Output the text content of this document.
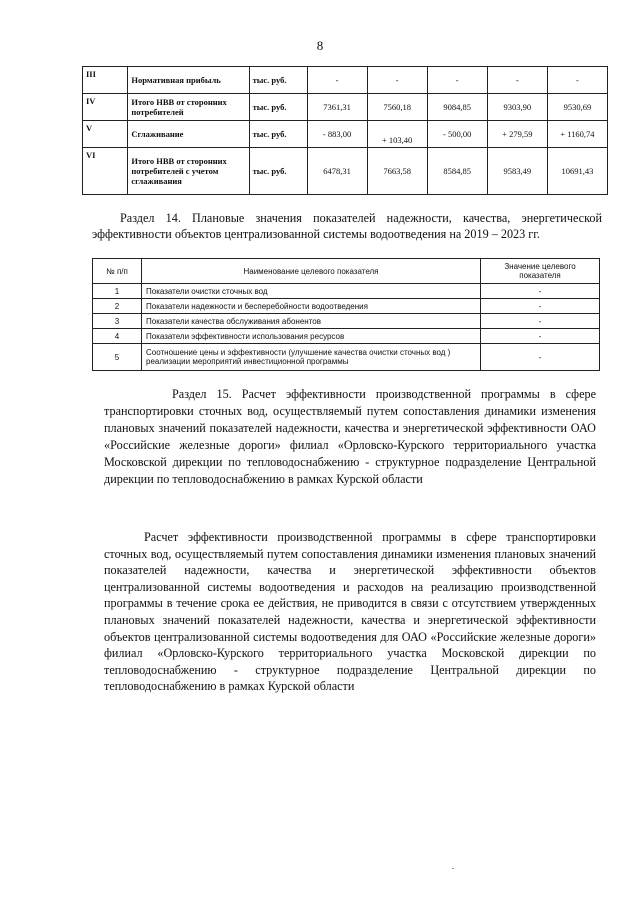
8
III	Нормативная прибыль	тыс. руб.	-	-	-	-	-
IV	Итого НВВ от сторонних потребителей	тыс. руб.	7361,31	7560,18	9084,85	9303,90	9530,69
V	Сглаживание	тыс. руб.	- 883,00	+ 103,40	- 500,00	+ 279,59	+ 1160,74
VI	Итого НВВ от сторонних потребителей с учетом сглаживания	тыс. руб.	6478,31	7663,58	8584,85	9583,49	10691,43
Раздел 14. Плановые значения показателей надежности, качества, энергетической эффективности объектов централизованной системы водоотведения на 2019 – 2023 гг.
№ п/п	Наименование целевого показателя	Значение целевого показателя
1	Показатели очистки сточных вод	-
2	Показатели надежности и бесперебойности водоотведения	-
3	Показатели качества обслуживания абонентов	-
4	Показатели эффективности использования ресурсов	-
5	Соотношение цены и эффективности (улучшение качества очистки сточных вод ) реализации мероприятий инвестиционной программы	-
Раздел 15. Расчет эффективности производственной программы в сфере транспортировки сточных вод, осуществляемый путем сопоставления динамики изменения плановых значений показателей надежности, качества и энергетической эффективности ОАО «Российские железные дороги» филиал «Орловско-Курского территориального участка Московской дирекции по тепловодоснабжению - структурное подразделение Центральной дирекции по тепловодоснабжению в рамках Курской области
Расчет эффективности производственной программы в сфере транспортировки сточных вод, осуществляемый путем сопоставления динамики изменения плановых значений показателей надежности, качества и энергетической эффективности объектов централизованной системы водоотведения и расходов на реализацию производственной программы в течение срока ее действия, не приводится в связи с отсутствием утвержденных плановых значений показателей надежности, качества и энергетической эффективности объектов централизованной системы водоотведения для ОАО «Российские железные дороги» филиал «Орловско-Курского территориального участка Московской дирекции по тепловодоснабжению - структурное подразделение Центральной дирекции по тепловодоснабжению в рамках Курской области
